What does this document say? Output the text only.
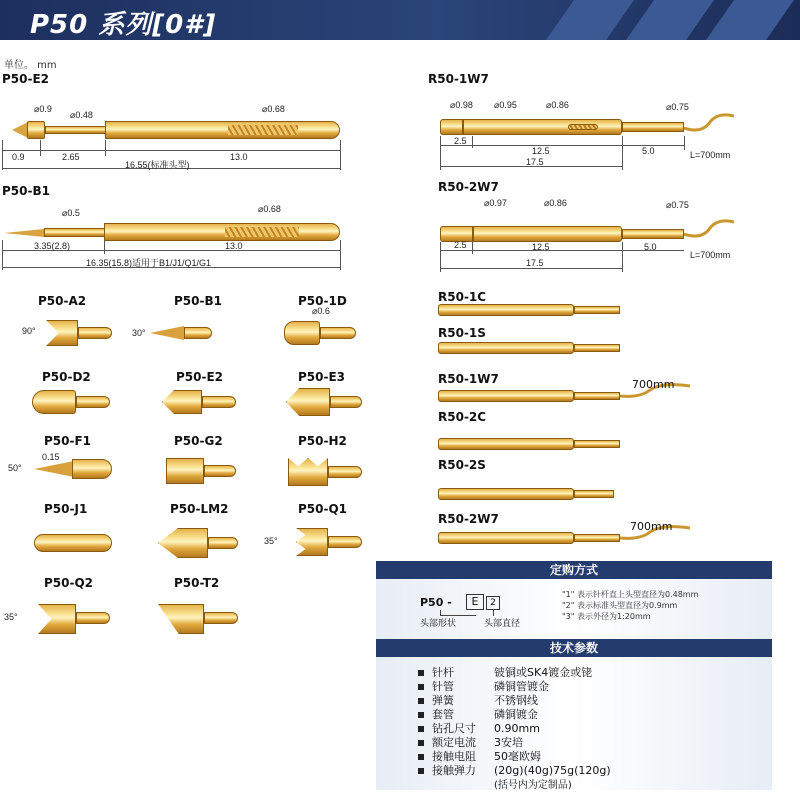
P50 系列[0#]
单位。 mm
P50-E2
⌀0.9
⌀0.48
⌀0.68
0.9	2.65	13.0
16.55(标准头型)
P50-B1
⌀0.5	⌀0.68
3.35(2.8)	13.0
16.35(15.8)适用于B1/J1/Q1/G1
R50-1W7
⌀0.98 ⌀0.95	⌀0.86	⌀0.75
2.5
12.5	5.0	L=700mm
17.5
R50-2W7
⌀0.97	⌀0.86	⌀0.75
2.5	12.5	5.0
L=700mm
17.5
P50-A2
90°
P50-B1
30°
P50-1D
⌀0.6
P50-D2	P50-E2	P50-E3
P50-F1
50°
0.15
P50-G2	P50-H2
P50-J1	P50-LM2	P50-Q1
35°
P50-Q2
35°
P50-T2
R50-1C
R50-1S
R50-1W7	700mm
R50-2C
R50-2S
R50-2W7
700mm
定购方式
P50 -	E	2
头部形状	头部直径
"1" 表示针杆直上头型直径为0.48mm
"2" 表示标准头型直径为0.9mm
"3" 表示外径为1:20mm
技术参数
针杆	铍铜或SK4镀金或铑
针管	磷铜管镀金
弹簧	不锈钢线
套管	磷铜镀金
钻孔尺寸 0.90mm
额定电流 3安培
接触电阻 50毫欧姆
接触弹力 (20g)(40g)75g(120g)
(括号内为定制品)
